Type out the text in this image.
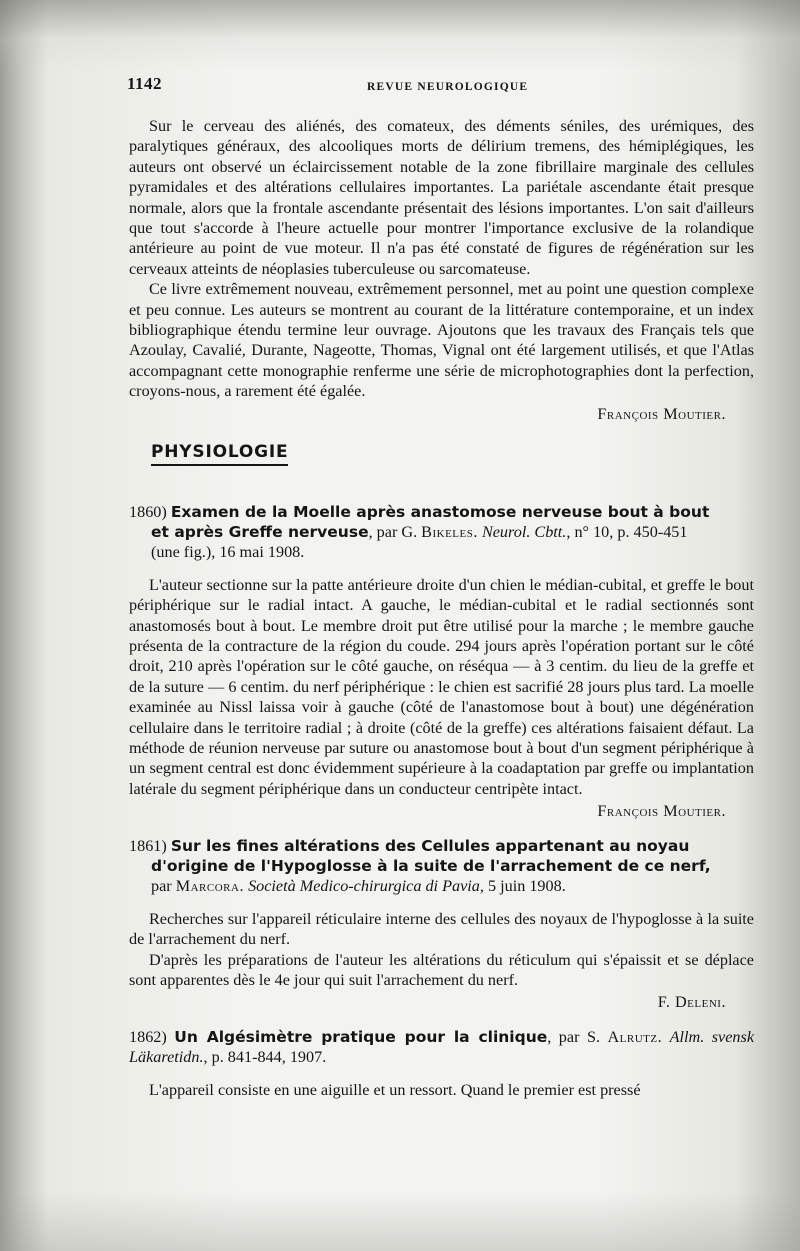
1142	REVUE NEUROLOGIQUE

Sur le cerveau des aliénés, des comateux, des déments séniles, des urémiques, des paralytiques généraux, des alcooliques morts de délirium tremens, des hémiplégiques, les auteurs ont observé un éclaircissement notable de la zone fibrillaire marginale des cellules pyramidales et des altérations cellulaires importantes. La pariétale ascendante était presque normale, alors que la frontale ascendante présentait des lésions importantes. L'on sait d'ailleurs que tout s'accorde à l'heure actuelle pour montrer l'importance exclusive de la rolandique antérieure au point de vue moteur. Il n'a pas été constaté de figures de régénération sur les cerveaux atteints de néoplasies tuberculeuse ou sarcomateuse.

Ce livre extrêmement nouveau, extrêmement personnel, met au point une question complexe et peu connue. Les auteurs se montrent au courant de la littérature contemporaine, et un index bibliographique étendu termine leur ouvrage. Ajoutons que les travaux des Français tels que Azoulay, Cavalié, Durante, Nageotte, Thomas, Vignal ont été largement utilisés, et que l'Atlas accompagnant cette monographie renferme une série de microphotographies dont la perfection, croyons-nous, a rarement été égalée.

François Moutier.
PHYSIOLOGIE
1860) Examen de la Moelle après anastomose nerveuse bout à bout
et après Greffe nerveuse, par G. Bikeles. Neurol. Cbtt., n° 10, p. 450-451
(une fig.), 16 mai 1908.

L'auteur sectionne sur la patte antérieure droite d'un chien le médian-cubital, et greffe le bout périphérique sur le radial intact. A gauche, le médian-cubital et le radial sectionnés sont anastomosés bout à bout. Le membre droit put être utilisé pour la marche ; le membre gauche présenta de la contracture de la région du coude. 294 jours après l'opération portant sur le côté droit, 210 après l'opération sur le côté gauche, on réséqua — à 3 centim. du lieu de la greffe et de la suture — 6 centim. du nerf périphérique : le chien est sacrifié 28 jours plus tard. La moelle examinée au Nissl laissa voir à gauche (côté de l'anastomose bout à bout) une dégénération cellulaire dans le territoire radial ; à droite (côté de la greffe) ces altérations faisaient défaut. La méthode de réunion nerveuse par suture ou anastomose bout à bout d'un segment périphérique à un segment central est donc évidemment supérieure à la coadaptation par greffe ou implantation latérale du segment périphérique dans un conducteur centripète intact.

François Moutier.
1861) Sur les fines altérations des Cellules appartenant au noyau
d'origine de l'Hypoglosse à la suite de l'arrachement de ce nerf,
par Marcora. Società Medico-chirurgica di Pavia, 5 juin 1908.

Recherches sur l'appareil réticulaire interne des cellules des noyaux de l'hypoglosse à la suite de l'arrachement du nerf.

D'après les préparations de l'auteur les altérations du réticulum qui s'épaissit et se déplace sont apparentes dès le 4e jour qui suit l'arrachement du nerf.

F. Deleni.
1862) Un Algésimètre pratique pour la clinique, par S. Alrutz. Allm. svensk Läkaretidn., p. 841-844, 1907.

L'appareil consiste en une aiguille et un ressort. Quand le premier est pressé
